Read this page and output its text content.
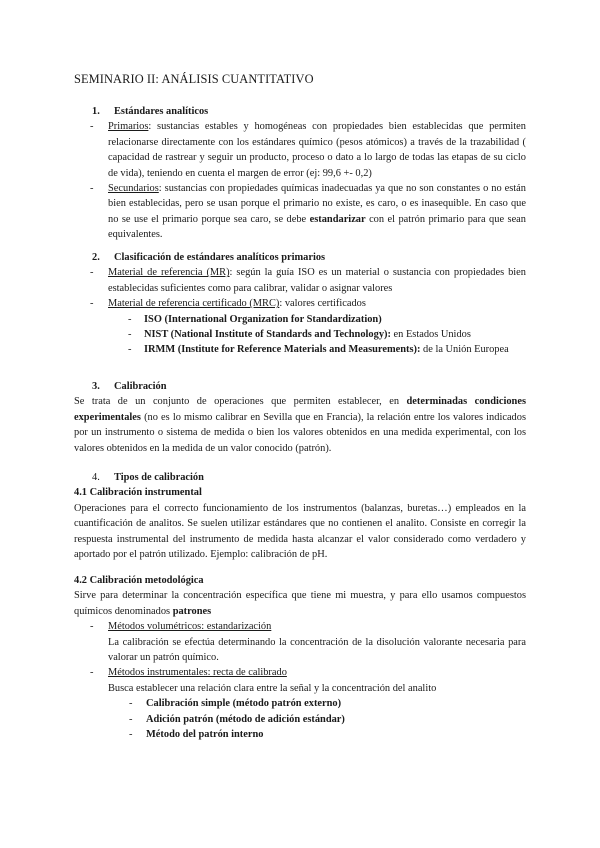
SEMINARIO II: ANÁLISIS CUANTITATIVO
1. Estándares analíticos
- Primarios: sustancias estables y homogéneas con propiedades bien establecidas que permiten relacionarse directamente con los estándares químico (pesos atómicos) a través de la trazabilidad ( capacidad de rastrear y seguir un producto, proceso o dato a lo largo de todas las etapas de su ciclo de vida), teniendo en cuenta el margen de error (ej: 99,6 +- 0,2)
- Secundarios: sustancias con propiedades químicas inadecuadas ya que no son constantes o no están bien establecidas, pero se usan porque el primario no existe, es caro, o es inasequible. En caso que no se use el primario porque sea caro, se debe estandarizar con el patrón primario para que sean equivalentes.
2. Clasificación de estándares analíticos primarios
- Material de referencia (MR): según la guía ISO es un material o sustancia con propiedades bien establecidas suficientes como para calibrar, validar o asignar valores
- Material de referencia certificado (MRC): valores certificados
- ISO (International Organization for Standardization)
- NIST (National Institute of Standards and Technology): en Estados Unidos
- IRMM (Institute for Reference Materials and Measurements): de la Unión Europea
3. Calibración
Se trata de un conjunto de operaciones que permiten establecer, en determinadas condiciones experimentales (no es lo mismo calibrar en Sevilla que en Francia), la relación entre los valores indicados por un instrumento o sistema de medida o bien los valores obtenidos en una medida experimental, con los valores obtenidos en la medida de un valor conocido (patrón).
4. Tipos de calibración
4.1 Calibración instrumental
Operaciones para el correcto funcionamiento de los instrumentos (balanzas, buretas…) empleados en la cuantificación de analitos. Se suelen utilizar estándares que no contienen el analito. Consiste en corregir la respuesta instrumental del instrumento de medida hasta alcanzar el valor considerado como verdadero y aportado por el patrón utilizado. Ejemplo: calibración de pH.
4.2 Calibración metodológica
Sirve para determinar la concentración específica que tiene mi muestra, y para ello usamos compuestos químicos denominados patrones
- Métodos volumétricos: estandarización
La calibración se efectúa determinando la concentración de la disolución valorante necesaria para valorar un patrón químico.
- Métodos instrumentales: recta de calibrado
Busca establecer una relación clara entre la señal y la concentración del analito
- Calibración simple (método patrón externo)
- Adición patrón (método de adición estándar)
- Método del patrón interno
